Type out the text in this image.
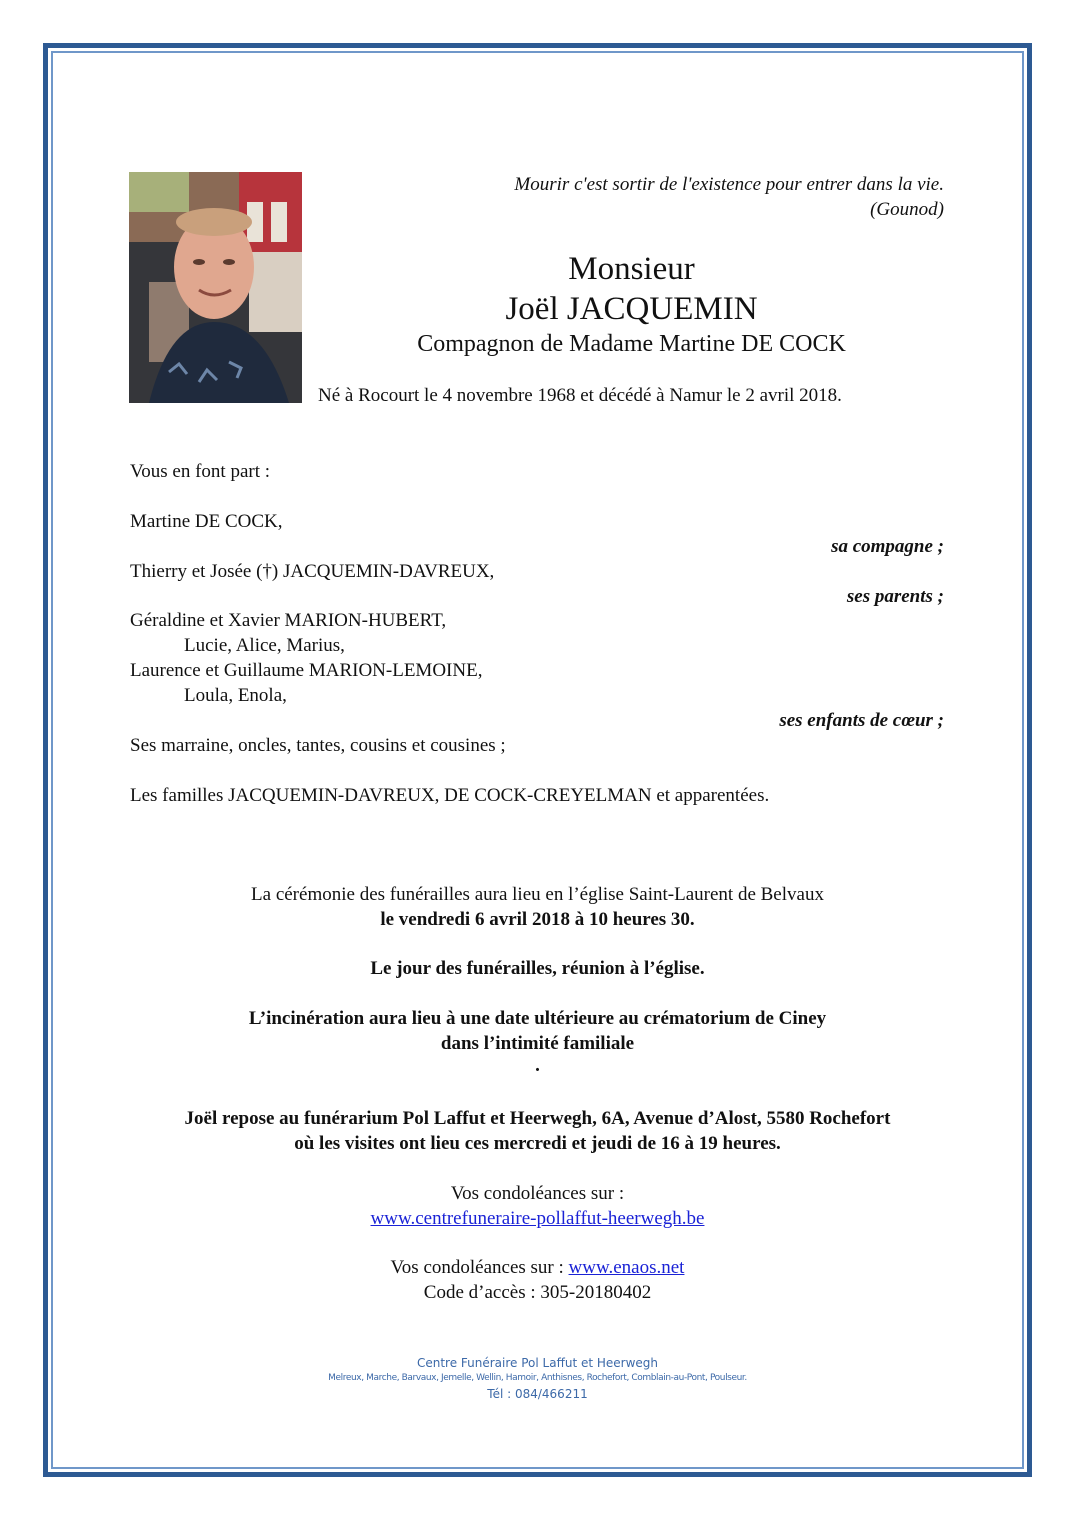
Mourir c'est sortir de l'existence pour entrer dans la vie.
(Gounod)
Monsieur
Joël JACQUEMIN
Compagnon de Madame Martine DE COCK
Né à Rocourt le 4 novembre 1968 et décédé à Namur le 2 avril 2018.
Vous en font part :
Martine DE COCK,
sa compagne ;
Thierry et Josée (†) JACQUEMIN-DAVREUX,
ses parents ;
Géraldine et Xavier MARION-HUBERT,
Lucie, Alice, Marius,
Laurence et Guillaume MARION-LEMOINE,
Loula, Enola,
ses enfants de cœur ;
Ses marraine, oncles, tantes, cousins et cousines ;
Les familles JACQUEMIN-DAVREUX, DE COCK-CREYELMAN et apparentées.
La cérémonie des funérailles aura lieu en l’église Saint-Laurent de Belvaux
le vendredi 6 avril 2018 à 10 heures 30.
Le jour des funérailles, réunion à l’église.
L’incinération aura lieu à une date ultérieure au crématorium de Ciney
dans l’intimité familiale
.
Joël repose au funérarium Pol Laffut et Heerwegh, 6A, Avenue d’Alost, 5580 Rochefort
où les visites ont lieu ces mercredi et jeudi de 16 à 19 heures.
Vos condoléances sur :
www.centrefuneraire-pollaffut-heerwegh.be
Vos condoléances sur : www.enaos.net
Code d’accès : 305-20180402
Centre Funéraire Pol Laffut et Heerwegh
Melreux, Marche, Barvaux, Jemelle, Wellin, Hamoir, Anthisnes, Rochefort, Comblain-au-Pont, Poulseur.
Tél : 084/466211
